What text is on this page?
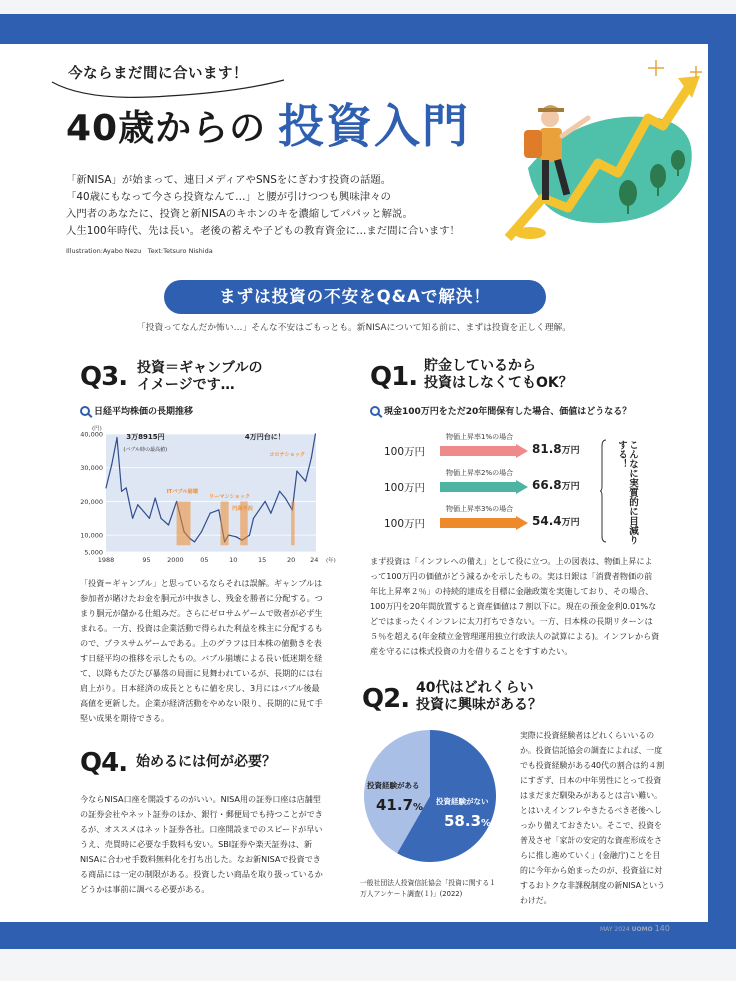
今ならまだ間に合います！
40歳からの 投資入門
「新NISA」が始まって、連日メディアやSNSをにぎわす投資の話題。
「40歳にもなって今さら投資なんて…」と腰が引けつつも興味津々の
入門者のあなたに、投資と新NISAのキホンのキを濃縮してパパッと解説。
人生100年時代、先は長い。老後の蓄えや子どもの教育資金に…まだ間に合います！
Illustration:Ayabo Nezu　Text:Tetsuro Nishida
まずは投資の不安をQ&Aで解決！
「投資ってなんだか怖い…」そんな不安はごもっとも。新NISAについて知る前に、まずは投資を正しく理解。
Q3. 投資＝ギャンブルの
イメージです…
日経平均株価の長期推移
5,000
10,000
20,000
30,000
40,000
(円)
1988	95	2000	05	10	15	20 24 (年)
3万8915円
(バブル時の最高値)
4万円台に！
ITバブル崩壊
リーマンショック
円高不況
コロナショック
「投資＝ギャンブル」と思っているならそれは誤解。ギャンブルは参加者が賭けたお金を胴元が中抜きし、残金を勝者に分配する。つまり胴元が儲かる仕組みだ。さらにゼロサムゲームで敗者が必ず生まれる。一方、投資は企業活動で得られた利益を株主に分配するもので、プラスサムゲームである。上のグラフは日本株の値動きを表す日経平均の推移を示したもの。バブル崩壊による長い低迷期を経て、以降もたびたび暴落の局面に見舞われているが、長期的には右肩上がり。日本経済の成長とともに値を戻し、3月にはバブル後最高値を更新した。企業が経済活動をやめない限り、長期的に見て手堅い成果を期待できる。
Q1. 貯金しているから
投資はしなくてもOK？
現金100万円をただ20年間保有した場合、価値はどうなる？
こんなに実質的に目減りする！
まず投資は「インフレへの備え」として役に立つ。上の図表は、物価上昇によって100万円の価値がどう減るかを示したもの。実は日銀は「消費者物価の前年比上昇率２％」の持続的達成を目標に金融政策を実施しており、その場合、100万円を20年間放置すると資産価値は７割以下に。現在の預金金利0.01%などではまったくインフレに太刀打ちできない。一方、日本株の長期リターンは５％を超える(年金積立金管理運用独立行政法人の試算による)。インフレから資産を守るには株式投資の力を借りることをすすめたい。
Q2. 40代はどれくらい
投資に興味がある？
投資経験がある
41.7%
投資経験がない
58.3%
一般社団法人投資信託協会「投資に関する１万人アンケート調査(１)」(2022)
実際に投資経験者はどれくらいいるのか。投資信託協会の調査によれば、一度でも投資経験がある40代の割合は約４割にすぎず、日本の中年男性にとって投資はまだまだ馴染みがあるとは言い難い。とはいえインフレやきたるべき老後へしっかり備えておきたい。そこで、投資を普及させ「家計の安定的な資産形成をさらに推し進めていく」(金融庁)ことを目的に今年から始まったのが、投資益に対するおトクな非課税制度の新NISAというわけだ。
Q4. 始めるには何が必要？
今ならNISA口座を開設するのがいい。NISA用の証券口座は店舗型の証券会社やネット証券のほか、銀行・郵便局でも持つことができるが、オススメはネット証券各社。口座開設までのスピードが早いうえ、売買時に必要な手数料も安い。SBI証券や楽天証券は、新NISAに合わせ手数料無料化を打ち出した。なお新NISAで投資できる商品には一定の制限がある。投資したい商品を取り扱っているかどうかは事前に調べる必要がある。
MAY 2024 UOMO 140
物価上昇率1%の場合
100万円	81.8万円
物価上昇率2%の場合
100万円	66.8万円
物価上昇率3%の場合
100万円	54.4万円
